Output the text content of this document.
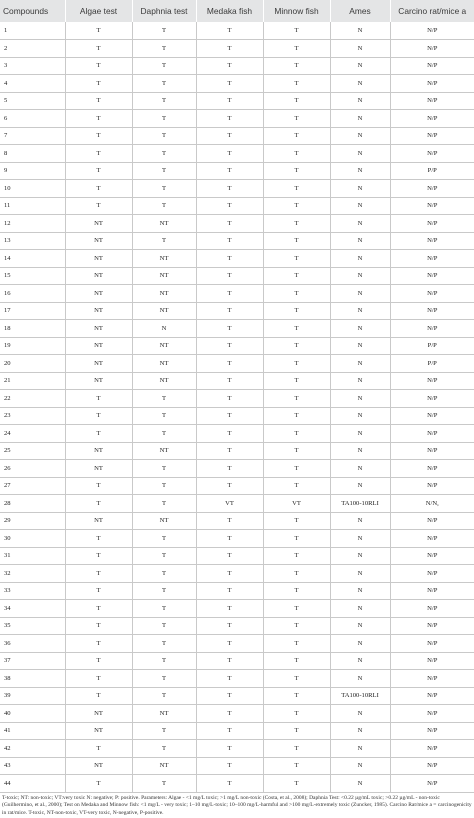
Compounds	Algae test	Daphnia test	Medaka fish	Minnow fish	Ames	Carcino rat/mice a
1	T	T	T	T	N	N/P
2	T	T	T	T	N	N/P
3	T	T	T	T	N	N/P
4	T	T	T	T	N	N/P
5	T	T	T	T	N	N/P
6	T	T	T	T	N	N/P
7	T	T	T	T	N	N/P
8	T	T	T	T	N	N/P
9	T	T	T	T	N	P/P
10	T	T	T	T	N	N/P
11	T	T	T	T	N	N/P
12	NT	NT	T	T	N	N/P
13	NT	T	T	T	N	N/P
14	NT	NT	T	T	N	N/P
15	NT	NT	T	T	N	N/P
16	NT	NT	T	T	N	N/P
17	NT	NT	T	T	N	N/P
18	NT	N	T	T	N	N/P
19	NT	NT	T	T	N	P/P
20	NT	NT	T	T	N	P/P
21	NT	NT	T	T	N	N/P
22	T	T	T	T	N	N/P
23	T	T	T	T	N	N/P
24	T	T	T	T	N	N/P
25	NT	NT	T	T	N	N/P
26	NT	T	T	T	N	N/P
27	T	T	T	T	N	N/P
28	T	T	VT	VT	TA100-10RLI	N/N,
29	NT	NT	T	T	N	N/P
30	T	T	T	T	N	N/P
31	T	T	T	T	N	N/P
32	T	T	T	T	N	N/P
33	T	T	T	T	N	N/P
34	T	T	T	T	N	N/P
35	T	T	T	T	N	N/P
36	T	T	T	T	N	N/P
37	T	T	T	T	N	N/P
38	T	T	T	T	N	N/P
39	T	T	T	T	TA100-10RLI	N/P
40	NT	NT	T	T	N	N/P
41	NT	T	T	T	N	N/P
42	T	T	T	T	N	N/P
43	NT	NT	T	T	N	N/P
44	T	T	T	T	N	N/P
T-toxic; NT: non-toxic; VT:very toxic N: negative; P: positive. Parameters: Algae - <1 mg/L toxic; >1 mg/L non-toxic (Costa, et al., 2008); Daphnia Test: <0.22 µg/mL toxic; >0.22 µg/mL - non-toxic (Guilhermino, et al., 2000); Test on Medaka and Minnow fish: <1 mg/L - very toxic; 1–10 mg/L-toxic; 10–100 mg/L-harmful and >100 mg/L-extremely toxic (Zuncker, 1985). Carcino Rat/mice a = carcinogenicity in rat/mice. T-toxic, NT-non-toxic, VT-very toxic, N-negative, P-positive.
